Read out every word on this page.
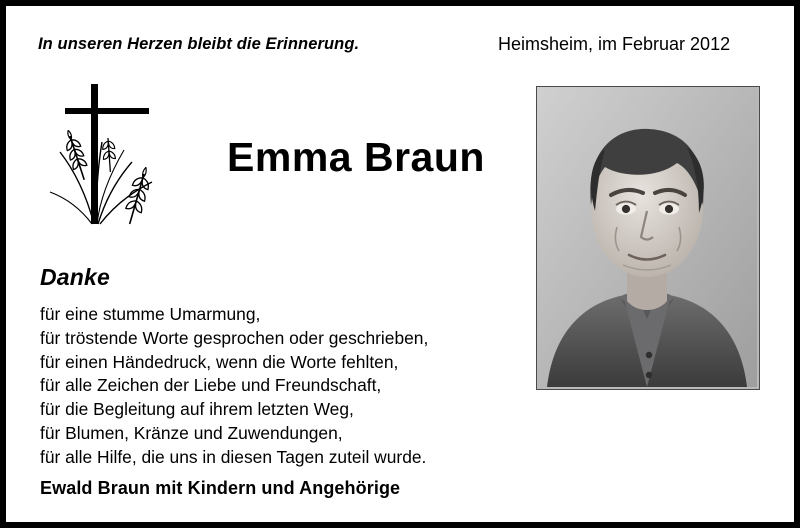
In unseren Herzen bleibt die Erinnerung.	Heimsheim, im Februar 2012
Emma Braun
Danke
für eine stumme Umarmung,
für tröstende Worte gesprochen oder geschrieben,
für einen Händedruck, wenn die Worte fehlten,
für alle Zeichen der Liebe und Freundschaft,
für die Begleitung auf ihrem letzten Weg,
für Blumen, Kränze und Zuwendungen,
für alle Hilfe, die uns in diesen Tagen zuteil wurde.
Ewald Braun mit Kindern und Angehörige
